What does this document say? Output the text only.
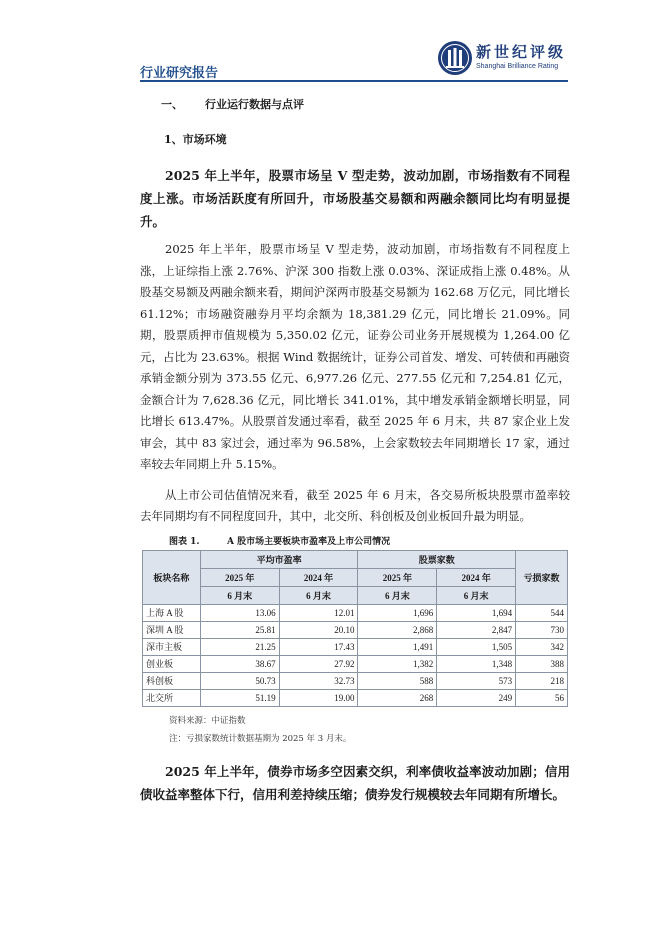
行业研究报告
新世纪评级
Shanghai Brilliance Rating
一、 行业运行数据与点评
1、市场环境
2025 年上半年，股票市场呈 V 型走势，波动加剧，市场指数有不同程度上涨。市场活跃度有所回升，市场股基交易额和两融余额同比均有明显提升。
2025 年上半年，股票市场呈 V 型走势，波动加剧，市场指数有不同程度上涨，上证综指上涨 2.76%、沪深 300 指数上涨 0.03%、深证成指上涨 0.48%。从股基交易额及两融余额来看，期间沪深两市股基交易额为 162.68 万亿元，同比增长 61.12%；市场融资融券月平均余额为 18,381.29 亿元，同比增长 21.09%。同期，股票质押市值规模为 5,350.02 亿元，证券公司业务开展规模为 1,264.00 亿元，占比为 23.63%。根据 Wind 数据统计，证券公司首发、增发、可转债和再融资承销金额分别为 373.55 亿元、6,977.26 亿元、277.55 亿元和 7,254.81 亿元，金额合计为 7,628.36 亿元，同比增长 341.01%，其中增发承销金额增长明显，同比增长 613.47%。从股票首发通过率看，截至 2025 年 6 月末，共 87 家企业上发审会，其中 83 家过会，通过率为 96.58%，上会家数较去年同期增长 17 家，通过率较去年同期上升 5.15%。
从上市公司估值情况来看，截至 2025 年 6 月末，各交易所板块股票市盈率较去年同期均有不同程度回升，其中，北交所、科创板及创业板回升最为明显。
图表 1.	A 股市场主要板块市盈率及上市公司情况
板块名称	平均市盈率		股票家数		亏损家数
	2025 年	2024 年	2025 年	2024 年	
	6 月末	6 月末	6 月末	6 月末	
上海 A 股	13.06	12.01	1,696	1,694	544
深圳 A 股	25.81	20.10	2,868	2,847	730
深市主板	21.25	17.43	1,491	1,505	342
创业板	38.67	27.92	1,382	1,348	388
科创板	50.73	32.73	588	573	218
北交所	51.19	19.00	268	249	56
资料来源：中证指数
注：亏损家数统计数据基期为 2025 年 3 月末。
2025 年上半年，债券市场多空因素交织，利率债收益率波动加剧；信用债收益率整体下行，信用利差持续压缩；债券发行规模较去年同期有所增长。
